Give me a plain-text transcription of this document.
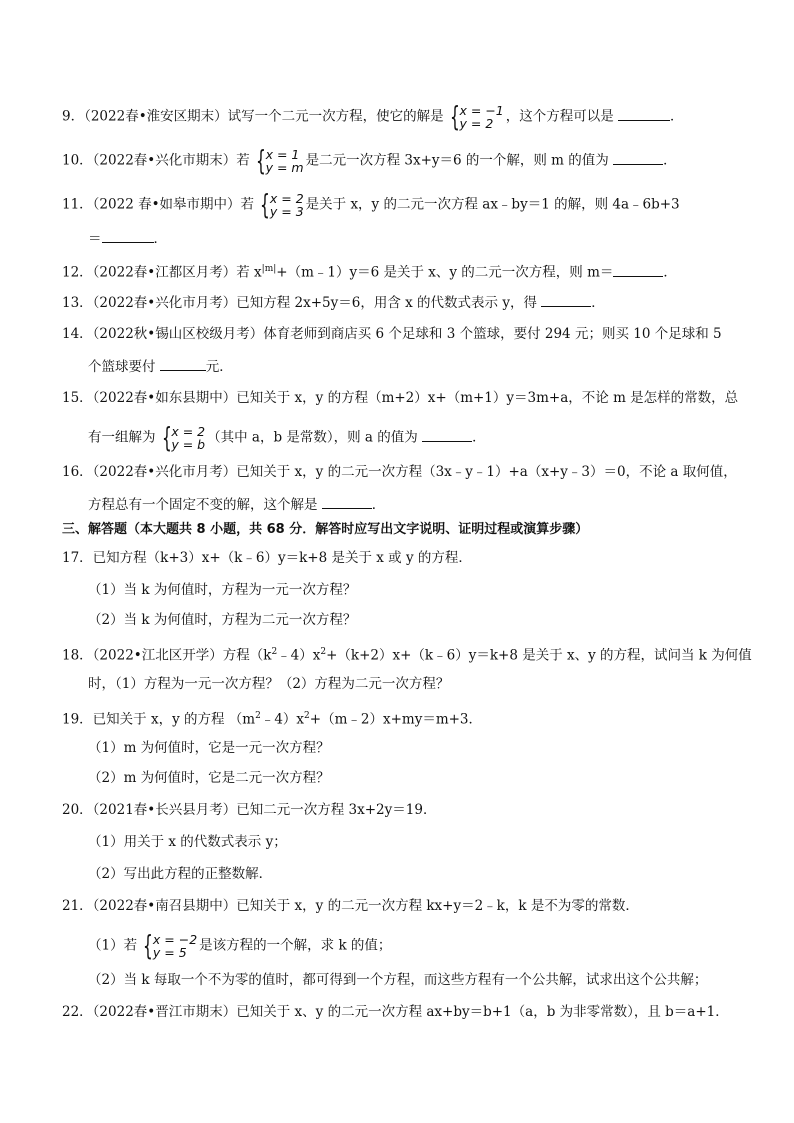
9．（2022春•淮安区期末）试写一个二元一次方程，使它的解是 {x = −1
y = 2 ，这个方程可以是	．
10．（2022春•兴化市期末）若 {x = 1
y = m 是二元一次方程 3x+y＝6 的一个解，则 m 的值为	．
11．（2022 春•如皋市期中）若 {x = 2
y = 3 是关于 x，y 的二元一次方程 ax﹣by＝1 的解，则 4a﹣6b+3
＝	．
12．（2022春•江都区月考）若 $x^{|m|}+(m﹣1)y=6$ 是关于 x、y 的二元一次方程，则 m＝	．
13．（2022春•兴化市月考）已知方程 2x+5y＝6，用含 x 的代数式表示 y，得	．
14．（2022秋•锡山区校级月考）体育老师到商店买 6 个足球和 3 个篮球，要付 294 元；则买 10 个足球和 5
个篮球要付	元．
15．（2022春•如东县期中）已知关于 x，y 的方程（m+2）x+（m+1）y＝3m+a，不论 m 是怎样的常数，总
有一组解为 {x = 2
y = b （其中 a，b 是常数），则 a 的值为	．
16．（2022春•兴化市月考）已知关于 x，y 的二元一次方程（3x﹣y﹣1）+a（x+y﹣3）＝0，不论 a 取何值，
方程总有一个固定不变的解，这个解是	．
三、解答题（本大题共 8 小题，共 68 分．解答时应写出文字说明、证明过程或演算步骤）
17．已知方程（k+3）x+（k﹣6）y＝k+8 是关于 x 或 y 的方程．
（1）当 k 为何值时，方程为一元一次方程？
（2）当 k 为何值时，方程为二元一次方程？
18．（2022•江北区开学）方程$(k^2﹣4)x^2+(k+2)x+(k﹣6)y=k+8$ 是关于 x、y 的方程，试问当 k 为何值
时，（1）方程为一元一次方程？（2）方程为二元一次方程？
19．已知关于 x，y 的方程 $(m^2﹣4)x^2+(m﹣2)x+my=m+3$．
（1）m 为何值时，它是一元一次方程？
（2）m 为何值时，它是二元一次方程？
20．（2021春•长兴县月考）已知二元一次方程 3x+2y＝19．
（1）用关于 x 的代数式表示 y；
（2）写出此方程的正整数解．
21．（2022春•南召县期中）已知关于 x，y 的二元一次方程 kx+y＝2﹣k，k 是不为零的常数．
（1）若 {x = −2
y = 5 是该方程的一个解，求 k 的值；
（2）当 k 每取一个不为零的值时，都可得到一个方程，而这些方程有一个公共解，试求出这个公共解；
22．（2022春•晋江市期末）已知关于 x、y 的二元一次方程 ax+by＝b+1（a，b 为非零常数），且 b＝a+1．
